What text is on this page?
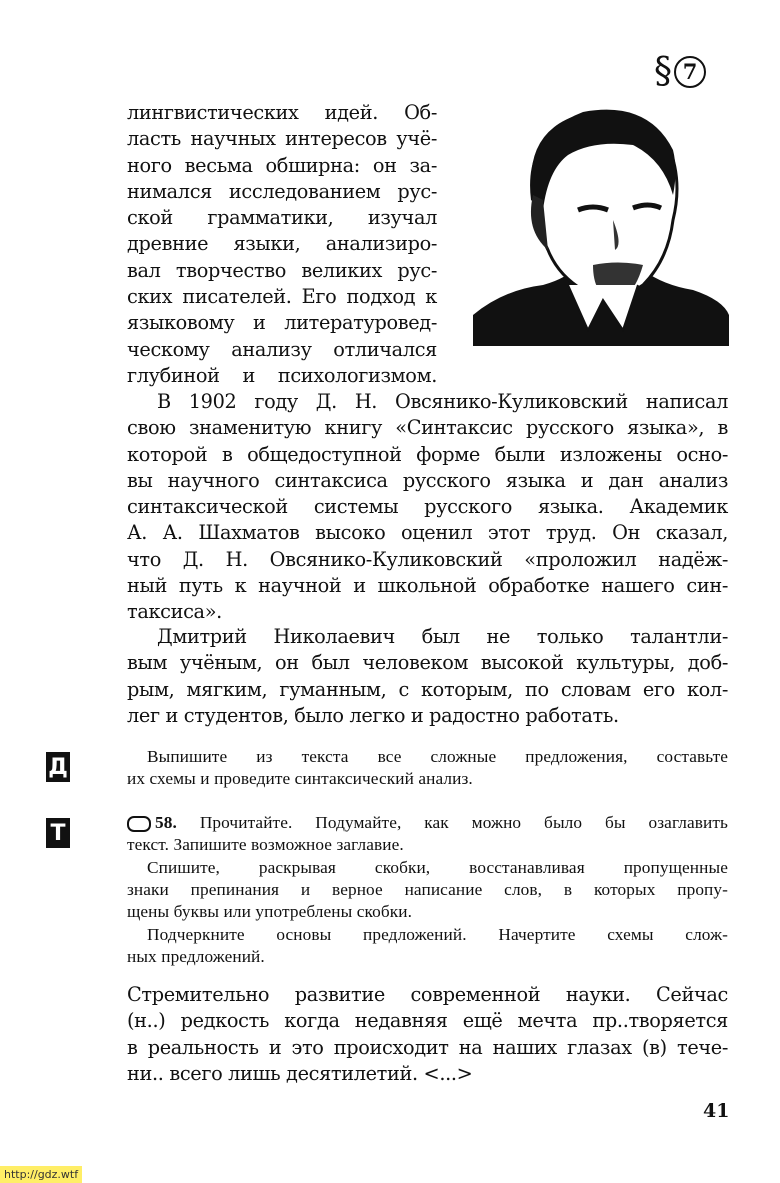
§ 7
лингвистических идей. Об-
ласть научных интересов учё-
ного весьма обширна: он за-
нимался исследованием рус-
ской грамматики, изучал
древние языки, анализиро-
вал творчество великих рус-
ских писателей. Его подход к
языковому и литературовед-
ческому анализу отличался
глубиной и психологизмом.
В 1902 году Д. Н. Овсянико-Куликовский написал
свою знаменитую книгу «Синтаксис русского языка», в
которой в общедоступной форме были изложены осно-
вы научного синтаксиса русского языка и дан анализ
синтаксической системы русского языка. Академик
А. А. Шахматов высоко оценил этот труд. Он сказал,
что Д. Н. Овсянико-Куликовский «проложил надёж-
ный путь к научной и школьной обработке нашего син-
таксиса».
Дмитрий Николаевич был не только талантли-
вым учёным, он был человеком высокой культуры, доб-
рым, мягким, гуманным, с которым, по словам его кол-
лег и студентов, было легко и радостно работать.
Д	Выпишите из текста все сложные предложения, составьте
их схемы и проведите синтаксический анализ.
Т	58. Прочитайте. Подумайте, как можно было бы озаглавить
текст. Запишите возможное заглавие.
Спишите, раскрывая скобки, восстанавливая пропущенные
знаки препинания и верное написание слов, в которых пропу-
щены буквы или употреблены скобки.
Подчеркните основы предложений. Начертите схемы слож-
ных предложений.
Стремительно развитие современной науки. Сейчас
(н..) редкость когда недавняя ещё мечта пр..творяется
в реальность и это происходит на наших глазах (в) тече-
ни.. всего лишь десятилетий. <...>
41
http://gdz.wtf
